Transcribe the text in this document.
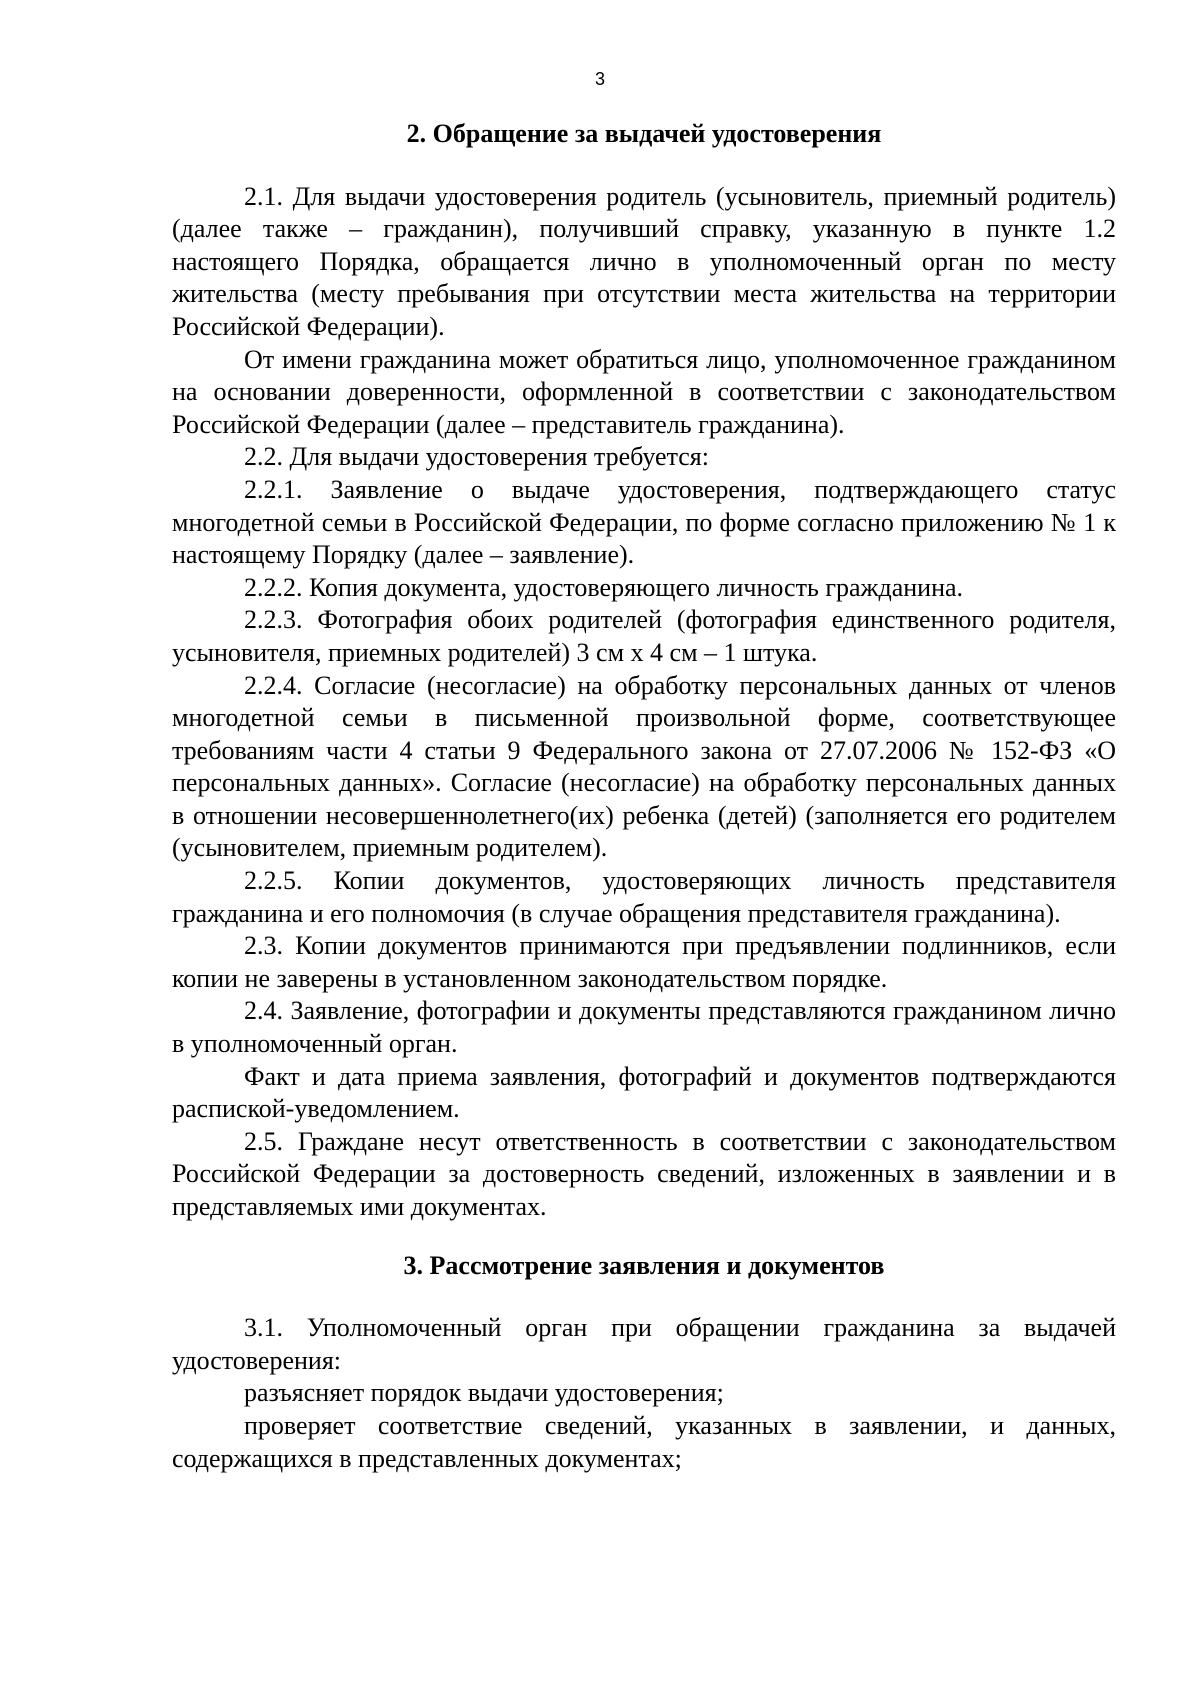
3
2. Обращение за выдачей удостоверения

2.1. Для выдачи удостоверения родитель (усыновитель, приемный родитель) (далее также – гражданин), получивший справку, указанную в пункте 1.2 настоящего Порядка, обращается лично в уполномоченный орган по месту жительства (месту пребывания при отсутствии места жительства на территории Российской Федерации).

От имени гражданина может обратиться лицо, уполномоченное гражданином на основании доверенности, оформленной в соответствии с законодательством Российской Федерации (далее – представитель гражданина).

2.2. Для выдачи удостоверения требуется:

2.2.1. Заявление о выдаче удостоверения, подтверждающего статус многодетной семьи в Российской Федерации, по форме согласно приложению № 1 к настоящему Порядку (далее – заявление).

2.2.2. Копия документа, удостоверяющего личность гражданина.

2.2.3. Фотография обоих родителей (фотография единственного родителя, усыновителя, приемных родителей) 3 см х 4 см – 1 штука.

2.2.4. Согласие (несогласие) на обработку персональных данных от членов многодетной семьи в письменной произвольной форме, соответствующее требованиям части 4 статьи 9 Федерального закона от 27.07.2006 № 152-ФЗ «О персональных данных». Согласие (несогласие) на обработку персональных данных в отношении несовершеннолетнего(их) ребенка (детей) (заполняется его родителем (усыновителем, приемным родителем).

2.2.5. Копии документов, удостоверяющих личность представителя гражданина и его полномочия (в случае обращения представителя гражданина).

2.3. Копии документов принимаются при предъявлении подлинников, если копии не заверены в установленном законодательством порядке.

2.4. Заявление, фотографии и документы представляются гражданином лично в уполномоченный орган.

Факт и дата приема заявления, фотографий и документов подтверждаются распиской-уведомлением.

2.5. Граждане несут ответственность в соответствии с законодательством Российской Федерации за достоверность сведений, изложенных в заявлении и в представляемых ими документах.

3. Рассмотрение заявления и документов

3.1. Уполномоченный орган при обращении гражданина за выдачей удостоверения:

разъясняет порядок выдачи удостоверения;

проверяет соответствие сведений, указанных в заявлении, и данных, содержащихся в представленных документах;
